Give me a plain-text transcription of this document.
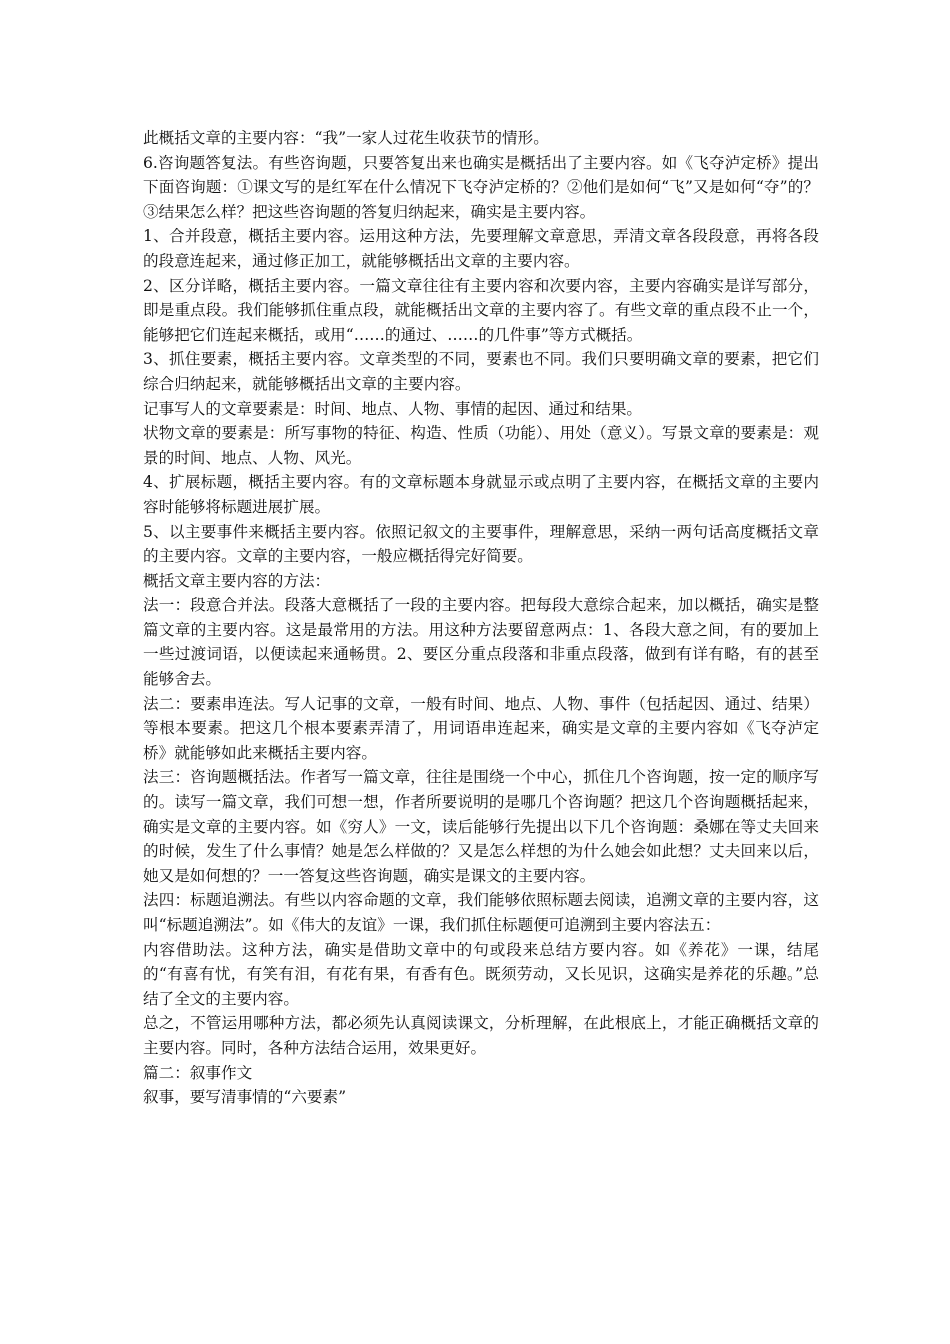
此概括文章的主要内容：“我”一家人过花生收获节的情形。

6.咨询题答复法。有些咨询题，只要答复出来也确实是概括出了主要内容。如《飞夺泸定桥》提出下面咨询题：①课文写的是红军在什么情况下飞夺泸定桥的？②他们是如何“飞”又是如何“夺”的？③结果怎么样？把这些咨询题的答复归纳起来，确实是主要内容。

1、合并段意，概括主要内容。运用这种方法，先要理解文章意思，弄清文章各段段意，再将各段的段意连起来，通过修正加工，就能够概括出文章的主要内容。

2、区分详略，概括主要内容。一篇文章往往有主要内容和次要内容，主要内容确实是详写部分，即是重点段。我们能够抓住重点段，就能概括出文章的主要内容了。有些文章的重点段不止一个，能够把它们连起来概括，或用“……的通过、……的几件事”等方式概括。

3、抓住要素，概括主要内容。文章类型的不同，要素也不同。我们只要明确文章的要素，把它们综合归纳起来，就能够概括出文章的主要内容。

记事写人的文章要素是：时间、地点、人物、事情的起因、通过和结果。

状物文章的要素是：所写事物的特征、构造、性质（功能）、用处（意义）。写景文章的要素是：观景的时间、地点、人物、风光。

4、扩展标题，概括主要内容。有的文章标题本身就显示或点明了主要内容，在概括文章的主要内容时能够将标题进展扩展。

5、以主要事件来概括主要内容。依照记叙文的主要事件，理解意思，采纳一两句话高度概括文章的主要内容。文章的主要内容，一般应概括得完好简要。

概括文章主要内容的方法：

法一：段意合并法。段落大意概括了一段的主要内容。把每段大意综合起来，加以概括，确实是整篇文章的主要内容。这是最常用的方法。用这种方法要留意两点：1、各段大意之间，有的要加上一些过渡词语，以便读起来通畅贯。2、要区分重点段落和非重点段落，做到有详有略，有的甚至能够舍去。

法二：要素串连法。写人记事的文章，一般有时间、地点、人物、事件（包括起因、通过、结果）等根本要素。把这几个根本要素弄清了，用词语串连起来，确实是文章的主要内容如《飞夺泸定桥》就能够如此来概括主要内容。

法三：咨询题概括法。作者写一篇文章，往往是围绕一个中心，抓住几个咨询题，按一定的顺序写的。读写一篇文章，我们可想一想，作者所要说明的是哪几个咨询题？把这几个咨询题概括起来，确实是文章的主要内容。如《穷人》一文，读后能够行先提出以下几个咨询题：桑娜在等丈夫回来的时候，发生了什么事情？她是怎么样做的？又是怎么样想的为什么她会如此想？丈夫回来以后，她又是如何想的？一一答复这些咨询题，确实是课文的主要内容。

法四：标题追溯法。有些以内容命题的文章，我们能够依照标题去阅读，追溯文章的主要内容，这叫“标题追溯法”。如《伟大的友谊》一课，我们抓住标题便可追溯到主要内容法五：

内容借助法。这种方法，确实是借助文章中的句或段来总结方要内容。如《养花》一课，结尾的“有喜有忧，有笑有泪，有花有果，有香有色。既须劳动，又长见识，这确实是养花的乐趣。”总结了全文的主要内容。

总之，不管运用哪种方法，都必须先认真阅读课文，分析理解，在此根底上，才能正确概括文章的主要内容。同时，各种方法结合运用，效果更好。

篇二：叙事作文

叙事，要写清事情的“六要素”
